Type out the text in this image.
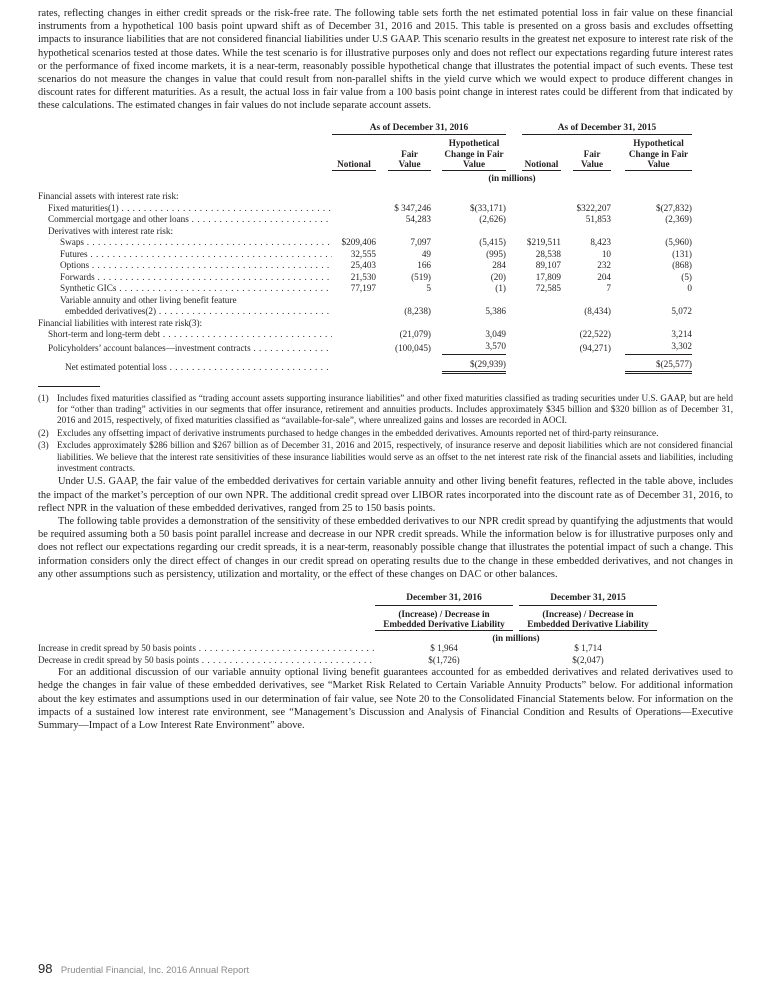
rates, reflecting changes in either credit spreads or the risk-free rate. The following table sets forth the net estimated potential loss in fair value on these financial instruments from a hypothetical 100 basis point upward shift as of December 31, 2016 and 2015. This table is presented on a gross basis and excludes offsetting impacts to insurance liabilities that are not considered financial liabilities under U.S GAAP. This scenario results in the greatest net exposure to interest rate risk of the hypothetical scenarios tested at those dates. While the test scenario is for illustrative purposes only and does not reflect our expectations regarding future interest rates or the performance of fixed income markets, it is a near-term, reasonably possible hypothetical change that illustrates the potential impact of such events. These test scenarios do not measure the changes in value that could result from non-parallel shifts in the yield curve which we would expect to produce different changes in discount rates for different maturities. As a result, the actual loss in fair value from a 100 basis point change in interest rates could be different from that indicated by these calculations. The estimated changes in fair values do not include separate account assets.

	As of December 31, 2016						As of December 31, 2015					

Notional

Fair
Value

Hypothetical
Change in Fair
Value		Notional

Fair
Value

Hypothetical
Change in Fair
Value

	(in millions)											

Financial assets with interest rate risk:												
Fixed maturities(1) . . .			$ 347,246		$(33,171)				$322,207		$(27,832)	
Commercial mortgage and other loans . . .			54,283		(2,626)				51,853		(2,369)	
Derivatives with interest rate risk:												
Swaps . . .	$209,406		7,097		(5,415)		$219,511		8,423		(5,960)	
Futures . . .	32,555		49		(995)		28,538		10		(131)	
Options . . .	25,403		166		284		89,107		232		(868)	
Forwards . . .	21,530		(519)		(20)		17,809		204		(5)	
Synthetic GICs . . .	77,197		5		(1)		72,585		7		0	
Variable annuity and other living benefit feature												
embedded derivatives(2) . . .			(8,238)		5,386				(8,434)		5,072	
Financial liabilities with interest rate risk(3):												
Short-term and long-term debt . . .			(21,079)		3,049				(22,522)		3,214	
Policyholders’ account balances—investment contracts . . .			(100,045)		3,570				(94,271)		3,302	

Net estimated potential loss . . .					$(29,939)						$(25,577)	
(1) Includes fixed maturities classified as “trading account assets supporting insurance liabilities” and other fixed maturities classified as trading securities under U.S. GAAP, but are held for “other than trading” activities in our segments that offer insurance, retirement and annuities products. Includes approximately $345 billion and $320 billion as of December 31, 2016 and 2015, respectively, of fixed maturities classified as “available-for-sale”, where unrealized gains and losses are recorded in AOCI.
(2) Excludes any offsetting impact of derivative instruments purchased to hedge changes in the embedded derivatives. Amounts reported net of third-party reinsurance.
(3) Excludes approximately $286 billion and $267 billion as of December 31, 2016 and 2015, respectively, of insurance reserve and deposit liabilities which are not considered financial liabilities. We believe that the interest rate sensitivities of these insurance liabilities would serve as an offset to the net interest rate risk of the financial assets and liabilities, including investment contracts.

Under U.S. GAAP, the fair value of the embedded derivatives for certain variable annuity and other living benefit features, reflected in the table above, includes the impact of the market’s perception of our own NPR. The additional credit spread over LIBOR rates incorporated into the discount rate as of December 31, 2016, to reflect NPR in the valuation of these embedded derivatives, ranged from 25 to 150 basis points.

The following table provides a demonstration of the sensitivity of these embedded derivatives to our NPR credit spread by quantifying the adjustments that would be required assuming both a 50 basis point parallel increase and decrease in our NPR credit spreads. While the information below is for illustrative purposes only and does not reflect our expectations regarding our credit spreads, it is a near-term, reasonably possible change that illustrates the potential impact of such a change. This information considers only the direct effect of changes in our credit spread on operating results due to the change in these embedded derivatives, and not changes in any other assumptions such as persistency, utilization and mortality, or the effect of these changes on DAC or other balances.

	December 31, 2016		December 31, 2015	

(Increase) / Decrease in
Embedded Derivative Liability

(Increase) / Decrease in
Embedded Derivative Liability

	(in millions)			
Increase in credit spread by 50 basis points . . .	$ 1,964		$ 1,714	
Decrease in credit spread by 50 basis points . . .	$(1,726)		$(2,047)	

For an additional discussion of our variable annuity optional living benefit guarantees accounted for as embedded derivatives and related derivatives used to hedge the changes in fair value of these embedded derivatives, see “Market Risk Related to Certain Variable Annuity Products” below. For additional information about the key estimates and assumptions used in our determination of fair value, see Note 20 to the Consolidated Financial Statements below. For information on the impacts of a sustained low interest rate environment, see “Management’s Discussion and Analysis of Financial Condition and Results of Operations—Executive Summary—Impact of a Low Interest Rate Environment” above.

98 Prudential Financial, Inc. 2016 Annual Report
